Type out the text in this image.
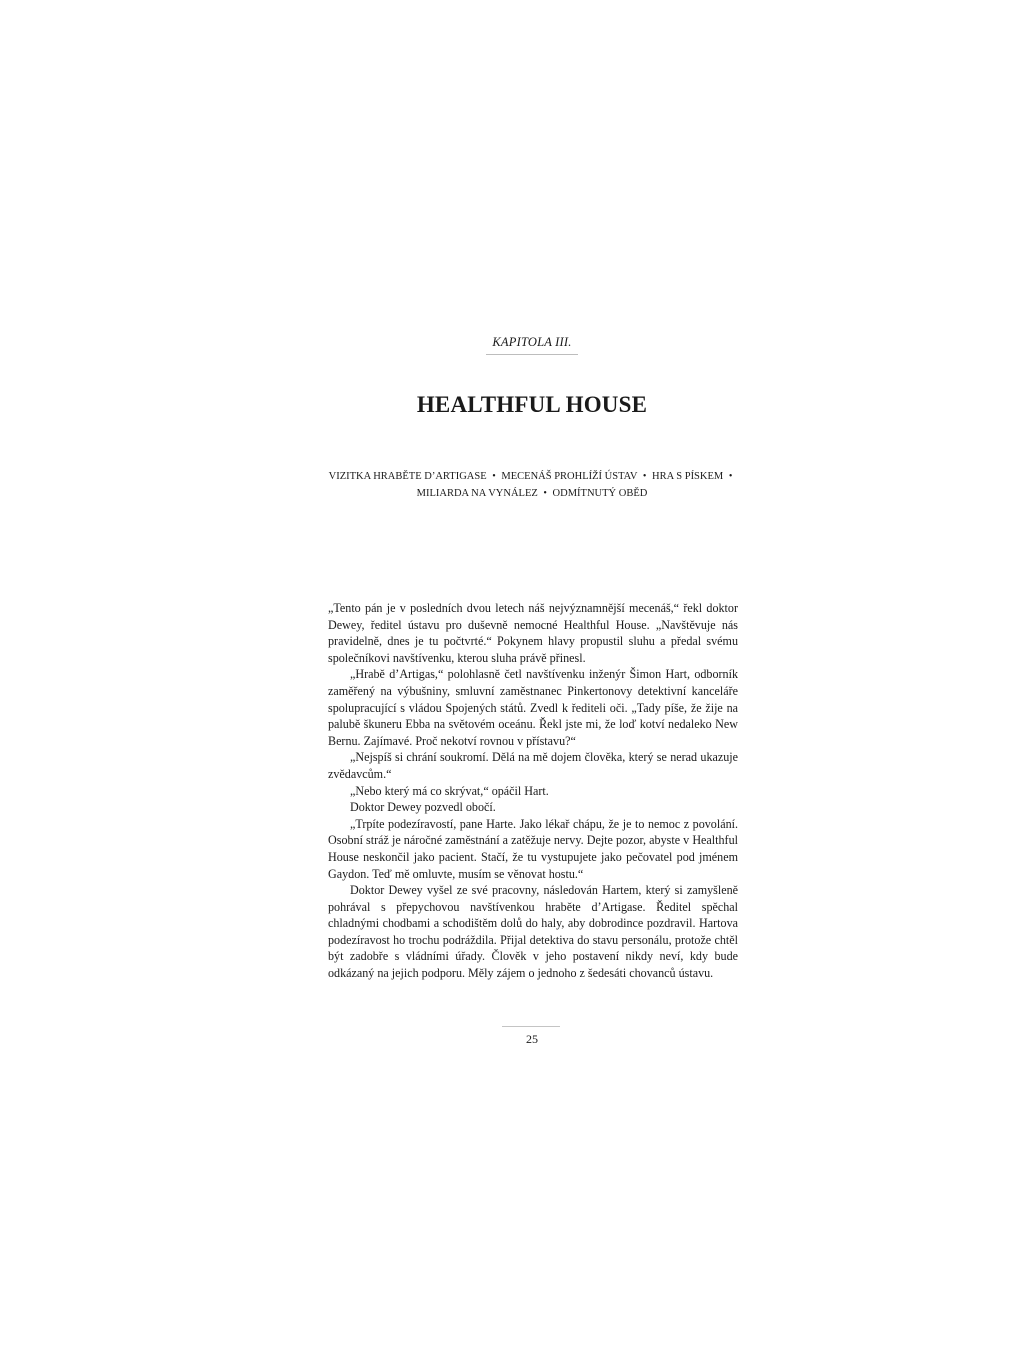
KAPITOLA III.
HEALTHFUL HOUSE
VIZITKA HRABĚTE D’ARTIGASE • MECENÁŠ PROHLÍŽÍ ÚSTAV • HRA S PÍSKEM •
MILIARDA NA VYNÁLEZ • ODMÍTNUTÝ OBĚD

„Tento pán je v posledních dvou letech náš nejvýznamnější mecenáš,“ řekl doktor Dewey, ředitel ústavu pro duševně nemocné Healthful House. „Navštěvuje nás pravidelně, dnes je tu počtvrté.“ Pokynem hlavy propustil sluhu a předal svému společníkovi navštívenku, kterou sluha právě přinesl.

„Hrabě d’Artigas,“ polohlasně četl navštívenku inženýr Šimon Hart, odborník zaměřený na výbušniny, smluvní zaměstnanec Pinkertonovy detektivní kanceláře spolupracující s vládou Spojených států. Zvedl k řediteli oči. „Tady píše, že žije na palubě škuneru Ebba na světovém oceánu. Řekl jste mi, že loď kotví nedaleko New Bernu. Zajímavé. Proč nekotví rovnou v přístavu?“

„Nejspíš si chrání soukromí. Dělá na mě dojem člověka, který se nerad ukazuje zvědavcům.“

„Nebo který má co skrývat,“ opáčil Hart.

Doktor Dewey pozvedl obočí.

„Trpíte podezíravostí, pane Harte. Jako lékař chápu, že je to nemoc z povolání. Osobní stráž je náročné zaměstnání a zatěžuje nervy. Dejte pozor, abyste v Healthful House neskončil jako pacient. Stačí, že tu vystupujete jako pečovatel pod jménem Gaydon. Teď mě omluvte, musím se věnovat hostu.“

Doktor Dewey vyšel ze své pracovny, následován Hartem, který si zamyšleně pohrával s přepychovou navštívenkou hraběte d’Artigase. Ředitel spěchal chladnými chodbami a schodištěm dolů do haly, aby dobrodince pozdravil. Hartova podezíravost ho trochu podráždila. Přijal detektiva do stavu personálu, protože chtěl být zadobře s vládními úřady. Člověk v jeho postavení nikdy neví, kdy bude odkázaný na jejich podporu. Měly zájem o jednoho z šedesáti chovanců ústavu.

25
